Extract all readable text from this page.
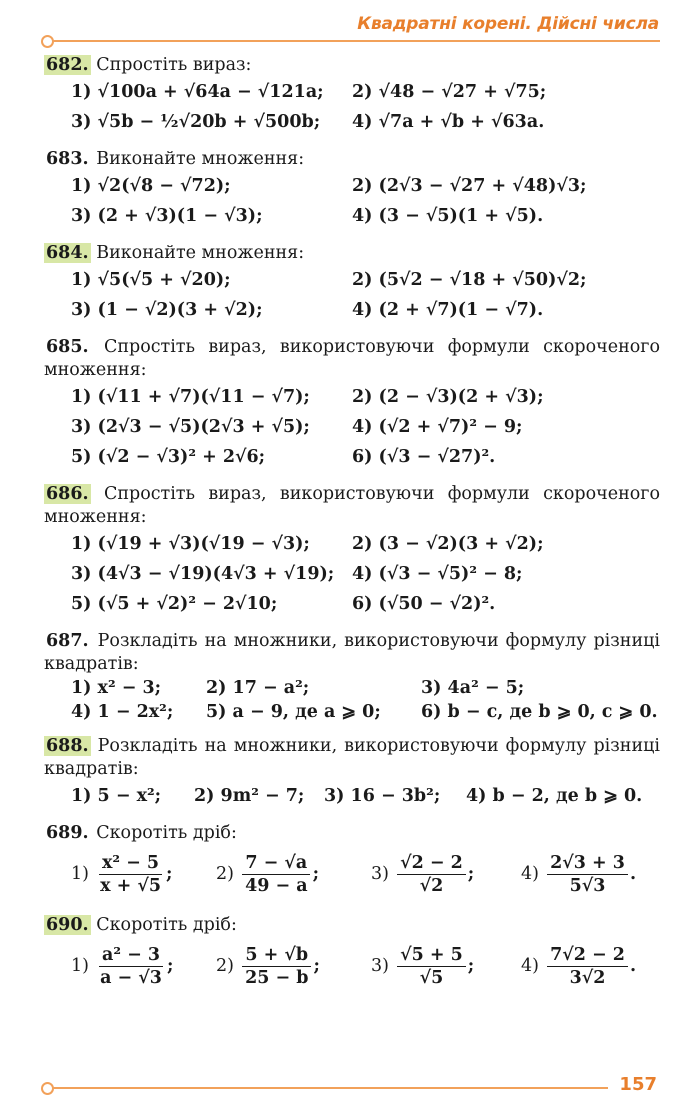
Квадратні корені. Дійсні числа
682. Спростіть вираз:
1) √100a + √64a − √121a;	2) √48 − √27 + √75;
3) √5b − ½√20b + √500b;	4) √7a + √b + √63a.
683. Виконайте множення:
1) √2(√8 − √72);	2) (2√3 − √27 + √48)√3;
3) (2 + √3)(1 − √3);	4) (3 − √5)(1 + √5).
684. Виконайте множення:
1) √5(√5 + √20);	2) (5√2 − √18 + √50)√2;
3) (1 − √2)(3 + √2);	4) (2 + √7)(1 − √7).
685. Спростіть вираз, використовуючи формули скороченого множення:
1) (√11 + √7)(√11 − √7);	2) (2 − √3)(2 + √3);
3) (2√3 − √5)(2√3 + √5);	4) (√2 + √7)² − 9;
5) (√2 − √3)² + 2√6;	6) (√3 − √27)².
686. Спростіть вираз, використовуючи формули скороченого множення:
1) (√19 + √3)(√19 − √3);	2) (3 − √2)(3 + √2);
3) (4√3 − √19)(4√3 + √19);	4) (√3 − √5)² − 8;
5) (√5 + √2)² − 2√10;	6) (√50 − √2)².
687. Розкладіть на множники, використовуючи формулу різниці квадратів:
1) x² − 3;	2) 17 − a²;	3) 4a² − 5;
4) 1 − 2x²;	5) a − 9, де a ⩾ 0;	6) b − c, де b ⩾ 0, c ⩾ 0.
688. Розкладіть на множники, використовуючи формулу різниці квадратів:
1) 5 − x²;	2) 9m² − 7;	3) 16 − 3b²;	4) b − 2, де b ⩾ 0.
689. Скоротіть дріб:
$1) \frac{\text{x² − 5}}{x + √5}$ ;	$2) \frac{7 - √a}{49 - a}$ ;	$3) \frac{√2 - 2}{√2}$ ;	$4) \frac{2√3 + 3}{5√3}$ .
690. Скоротіть дріб:
$1) \frac{\text{a² − 3}}{a - √3}$ ;	$2) \frac{5 + √b}{25 - b}$ ;	$3) \frac{√5 + 5}{√5}$ ;	$4) \frac{7√2 - 2}{3√2}$ .
157
